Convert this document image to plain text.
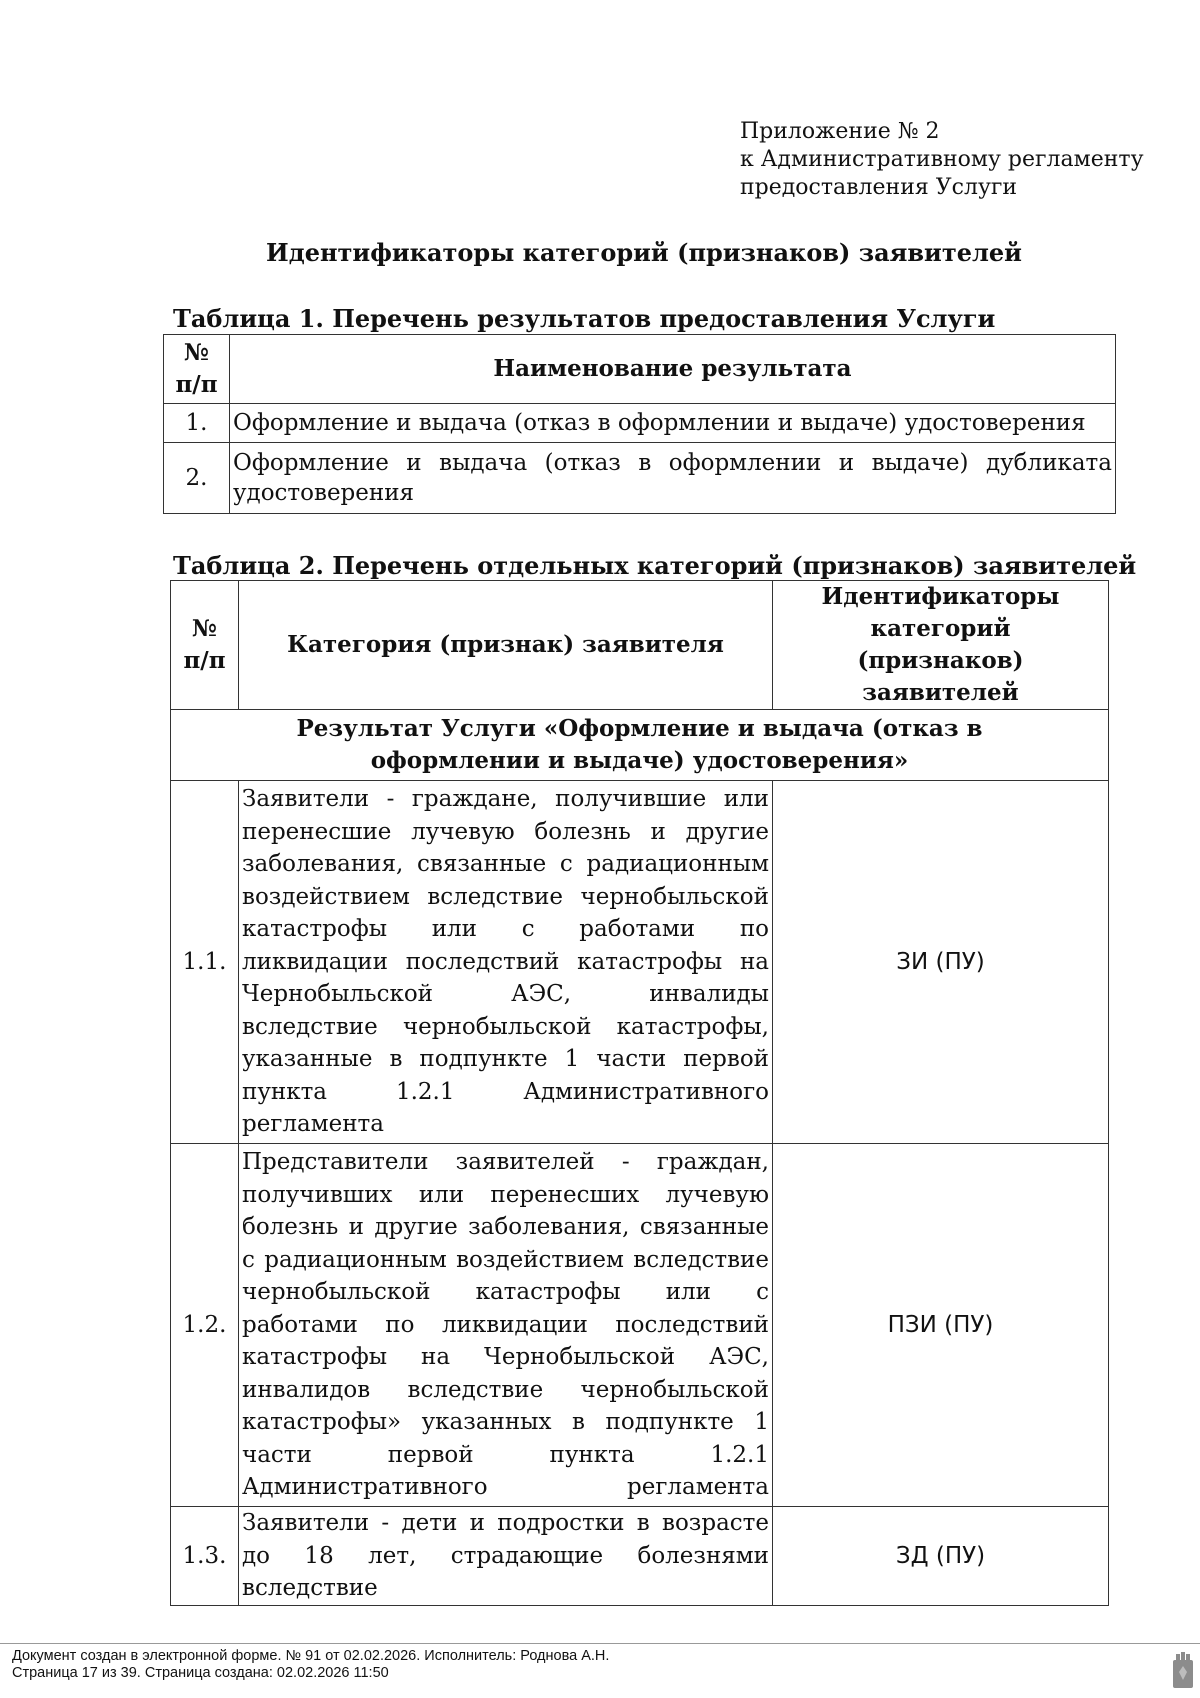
Приложение № 2
к Административному регламенту
предоставления Услуги
Идентификаторы категорий (признаков) заявителей
Таблица 1. Перечень результатов предоставления Услуги
№ п/п	Наименование результата
1.	Оформление и выдача (отказ в оформлении и выдаче) удостоверения
2.	Оформление и выдача (отказ в оформлении и выдаче) дубликата удостоверения
Таблица 2. Перечень отдельных категорий (признаков) заявителей
№ п/п	Категория (признак) заявителя	Идентификаторы категорий (признаков) заявителей
Результат Услуги «Оформление и выдача (отказ в оформлении и выдаче) удостоверения»		
1.1.	Заявители - граждане, получившие или перенесшие лучевую болезнь и другие заболевания, связанные с радиационным воздействием вследствие чернобыльской катастрофы или с работами по ликвидации последствий катастрофы на Чернобыльской АЭС, инвалиды вследствие чернобыльской катастрофы, указанные в подпункте 1 части первой пункта 1.2.1 Административного регламента	ЗИ (ПУ)
1.2.	Представители заявителей - граждан, получивших или перенесших лучевую болезнь и другие заболевания, связанные с радиационным воздействием вследствие чернобыльской катастрофы или с работами по ликвидации последствий катастрофы на Чернобыльской АЭС, инвалидов вследствие чернобыльской катастрофы» указанных в подпункте 1 части первой пункта 1.2.1 Административного регламента	ПЗИ (ПУ)
1.3.	Заявители - дети и подростки в возрасте до 18 лет, страдающие болезнями вследствие	ЗД (ПУ)
Документ создан в электронной форме. № 91 от 02.02.2026. Исполнитель: Роднова А.Н.
Страница 17 из 39. Страница создана: 02.02.2026 11:50
